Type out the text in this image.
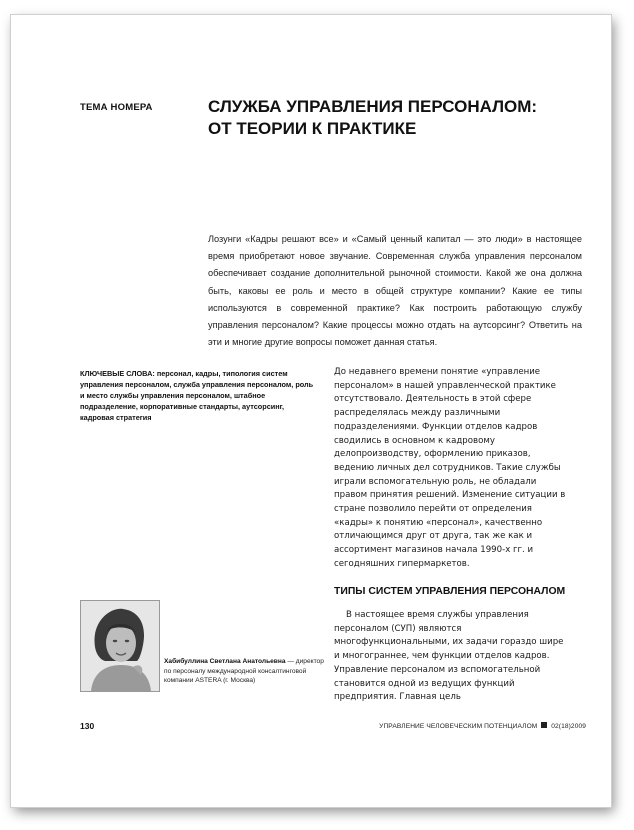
ТЕМА НОМЕРА	СЛУЖБА УПРАВЛЕНИЯ ПЕРСОНАЛОМ:
ОТ ТЕОРИИ К ПРАКТИКЕ
Лозунги «Кадры решают все» и «Самый ценный капитал — это люди» в настоящее время приобретают новое звучание. Современная служба управления персоналом обеспечивает создание дополнительной рыночной стоимости. Какой же она должна быть, каковы ее роль и место в общей структуре компании? Какие ее типы используются в современной практике? Как построить работающую службу управления персоналом? Какие процессы можно отдать на аутсорсинг? Ответить на эти и многие другие вопросы поможет данная статья.
КЛЮЧЕВЫЕ СЛОВА: персонал, кадры, типология систем управления персоналом, служба управления персоналом, роль и место службы управления персоналом, штабное подразделение, корпоративные стандарты, аутсорсинг, кадровая стратегия
До недавнего времени понятие «управление персоналом» в нашей управленческой практике отсутствовало. Деятельность в этой сфере распределялась между различными подразделениями. Функции отделов кадров сводились в основном к кадровому делопроизводству, оформлению приказов, ведению личных дел сотрудников. Такие службы играли вспомогательную роль, не обладали правом принятия решений. Изменение ситуации в стране позволило перейти от определения «кадры» к понятию «персонал», качественно отличающимся друг от друга, так же как и ассортимент магазинов начала 1990-х гг. и сегодняшних гипермаркетов.
ТИПЫ СИСТЕМ УПРАВЛЕНИЯ ПЕРСОНАЛОМ
В настоящее время службы управления персоналом (СУП) являются многофункциональными, их задачи гораздо шире и многограннее, чем функции отделов кадров. Управление персоналом из вспомогательной становится одной из ведущих функций предприятия. Главная цель
Хабибуллина Светлана Анатольевна — директор по персоналу международной консалтинговой компании ASTERA (г. Москва)
130	УПРАВЛЕНИЕ ЧЕЛОВЕЧЕСКИМ ПОТЕНЦИАЛОМ 02(18)2009
